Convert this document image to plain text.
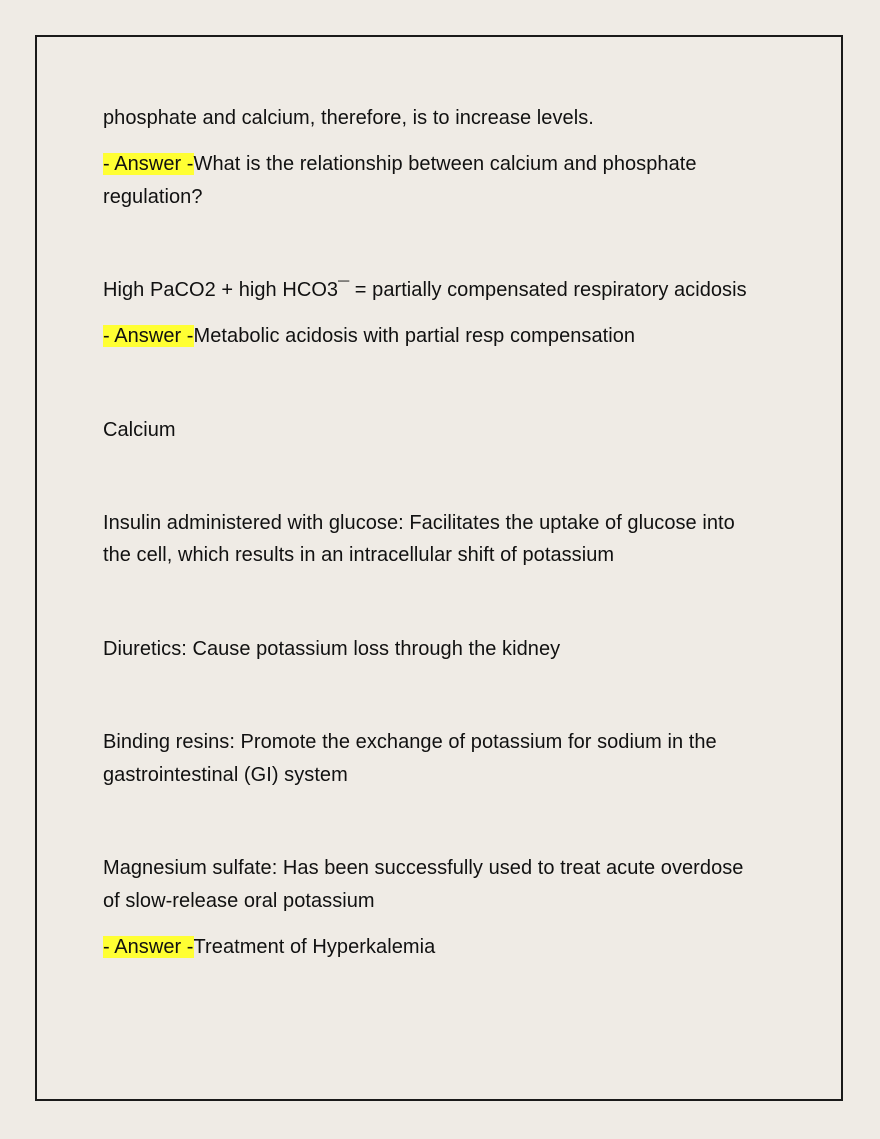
phosphate and calcium, therefore, is to increase levels.
- Answer -What is the relationship between calcium and phosphate
regulation?
High PaCO2 + high HCO3¯ = partially compensated respiratory acidosis
- Answer -Metabolic acidosis with partial resp compensation
Calcium
Insulin administered with glucose: Facilitates the uptake of glucose into
the cell, which results in an intracellular shift of potassium
Diuretics: Cause potassium loss through the kidney
Binding resins: Promote the exchange of potassium for sodium in the
gastrointestinal (GI) system
Magnesium sulfate: Has been successfully used to treat acute overdose
of slow-release oral potassium
- Answer -Treatment of Hyperkalemia
